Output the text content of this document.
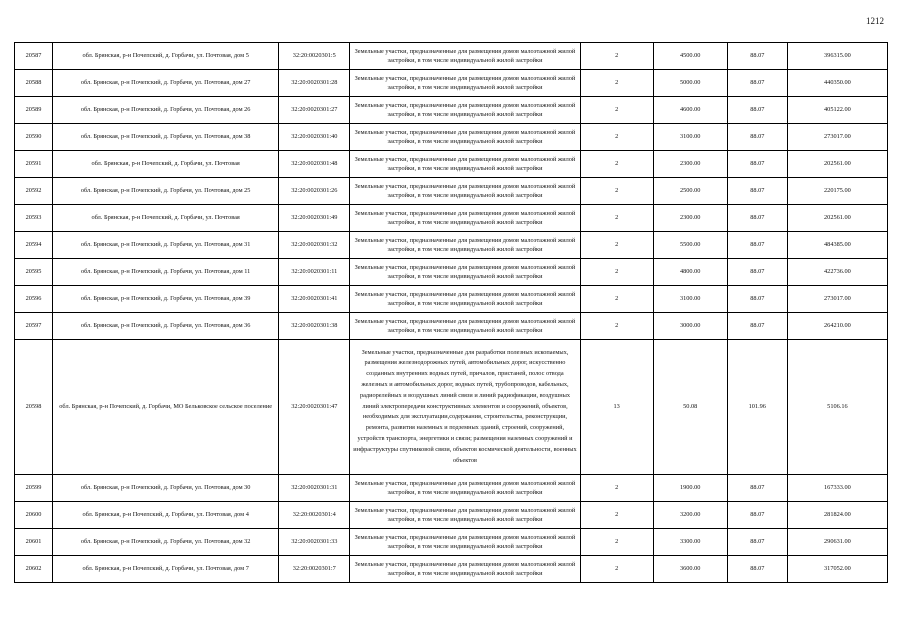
1212
20587	обл. Брянская, р-н Почепский, д. Горбачи, ул. Почтовая, дом 5	32:20:0020301:5	Земельные участки, предназначенные для размещения домов малоэтажной жилой застройки, в том числе индивидуальной жилой застройки	2	4500.00	88.07	396315.00
20588	обл. Брянская, р-н Почепский, д. Горбачи, ул. Почтовая, дом 27	32:20:0020301:28	Земельные участки, предназначенные для размещения домов малоэтажной жилой застройки, в том числе индивидуальной жилой застройки	2	5000.00	88.07	440350.00
20589	обл. Брянская, р-н Почепский, д. Горбачи, ул. Почтовая, дом 26	32:20:0020301:27	Земельные участки, предназначенные для размещения домов малоэтажной жилой застройки, в том числе индивидуальной жилой застройки	2	4600.00	88.07	405122.00
20590	обл. Брянская, р-н Почепский, д. Горбачи, ул. Почтовая, дом 38	32:20:0020301:40	Земельные участки, предназначенные для размещения домов малоэтажной жилой застройки, в том числе индивидуальной жилой застройки	2	3100.00	88.07	273017.00
20591	обл. Брянская, р-н Почепский, д. Горбачи, ул. Почтовая	32:20:0020301:48	Земельные участки, предназначенные для размещения домов малоэтажной жилой застройки, в том числе индивидуальной жилой застройки	2	2300.00	88.07	202561.00
20592	обл. Брянская, р-н Почепский, д. Горбачи, ул. Почтовая, дом 25	32:20:0020301:26	Земельные участки, предназначенные для размещения домов малоэтажной жилой застройки, в том числе индивидуальной жилой застройки	2	2500.00	88.07	220175.00
20593	обл. Брянская, р-н Почепский, д. Горбачи, ул. Почтовая	32:20:0020301:49	Земельные участки, предназначенные для размещения домов малоэтажной жилой застройки, в том числе индивидуальной жилой застройки	2	2300.00	88.07	202561.00
20594	обл. Брянская, р-н Почепский, д. Горбачи, ул. Почтовая, дом 31	32:20:0020301:32	Земельные участки, предназначенные для размещения домов малоэтажной жилой застройки, в том числе индивидуальной жилой застройки	2	5500.00	88.07	484385.00
20595	обл. Брянская, р-н Почепский, д. Горбачи, ул. Почтовая, дом 11	32:20:0020301:11	Земельные участки, предназначенные для размещения домов малоэтажной жилой застройки, в том числе индивидуальной жилой застройки	2	4800.00	88.07	422736.00
20596	обл. Брянская, р-н Почепский, д. Горбачи, ул. Почтовая, дом 39	32:20:0020301:41	Земельные участки, предназначенные для размещения домов малоэтажной жилой застройки, в том числе индивидуальной жилой застройки	2	3100.00	88.07	273017.00
20597	обл. Брянская, р-н Почепский, д. Горбачи, ул. Почтовая, дом 36	32:20:0020301:38	Земельные участки, предназначенные для размещения домов малоэтажной жилой застройки, в том числе индивидуальной жилой застройки	2	3000.00	88.07	264210.00
20598	обл. Брянская, р-н Почепский, д. Горбачи, МО Бельковское сельское поселение	32:20:0020301:47	Земельные участки, предназначенные для разработки полезных ископаемых, размещения железнодорожных путей, автомобильных дорог, искусственно созданных внутренних водных путей, причалов, пристаней, полос отвода железных и автомобильных дорог, водных путей, трубопроводов, кабельных, радиорелейных и воздушных линий связи и линий радиофикации, воздушных линий электропередачи конструктивных элементов и сооружений, объектов, необходимых для эксплуатации,содержания, строительства, реконструкции, ремонта, развития наземных и подземных зданий, строений, сооружений, устройств транспорта, энергетики и связи; размещения наземных сооружений и инфраструктуры спутниковой связи, объектов космической деятельности, военных объектов	13	50.08	101.96	5106.16
20599	обл. Брянская, р-н Почепский, д. Горбачи, ул. Почтовая, дом 30	32:20:0020301:31	Земельные участки, предназначенные для размещения домов малоэтажной жилой застройки, в том числе индивидуальной жилой застройки	2	1900.00	88.07	167333.00
20600	обл. Брянская, р-н Почепский, д. Горбачи, ул. Почтовая, дом 4	32:20:0020301:4	Земельные участки, предназначенные для размещения домов малоэтажной жилой застройки, в том числе индивидуальной жилой застройки	2	3200.00	88.07	281824.00
20601	обл. Брянская, р-н Почепский, д. Горбачи, ул. Почтовая, дом 32	32:20:0020301:33	Земельные участки, предназначенные для размещения домов малоэтажной жилой застройки, в том числе индивидуальной жилой застройки	2	3300.00	88.07	290631.00
20602	обл. Брянская, р-н Почепский, д. Горбачи, ул. Почтовая, дом 7	32:20:0020301:7	Земельные участки, предназначенные для размещения домов малоэтажной жилой застройки, в том числе индивидуальной жилой застройки	2	3600.00	88.07	317052.00
